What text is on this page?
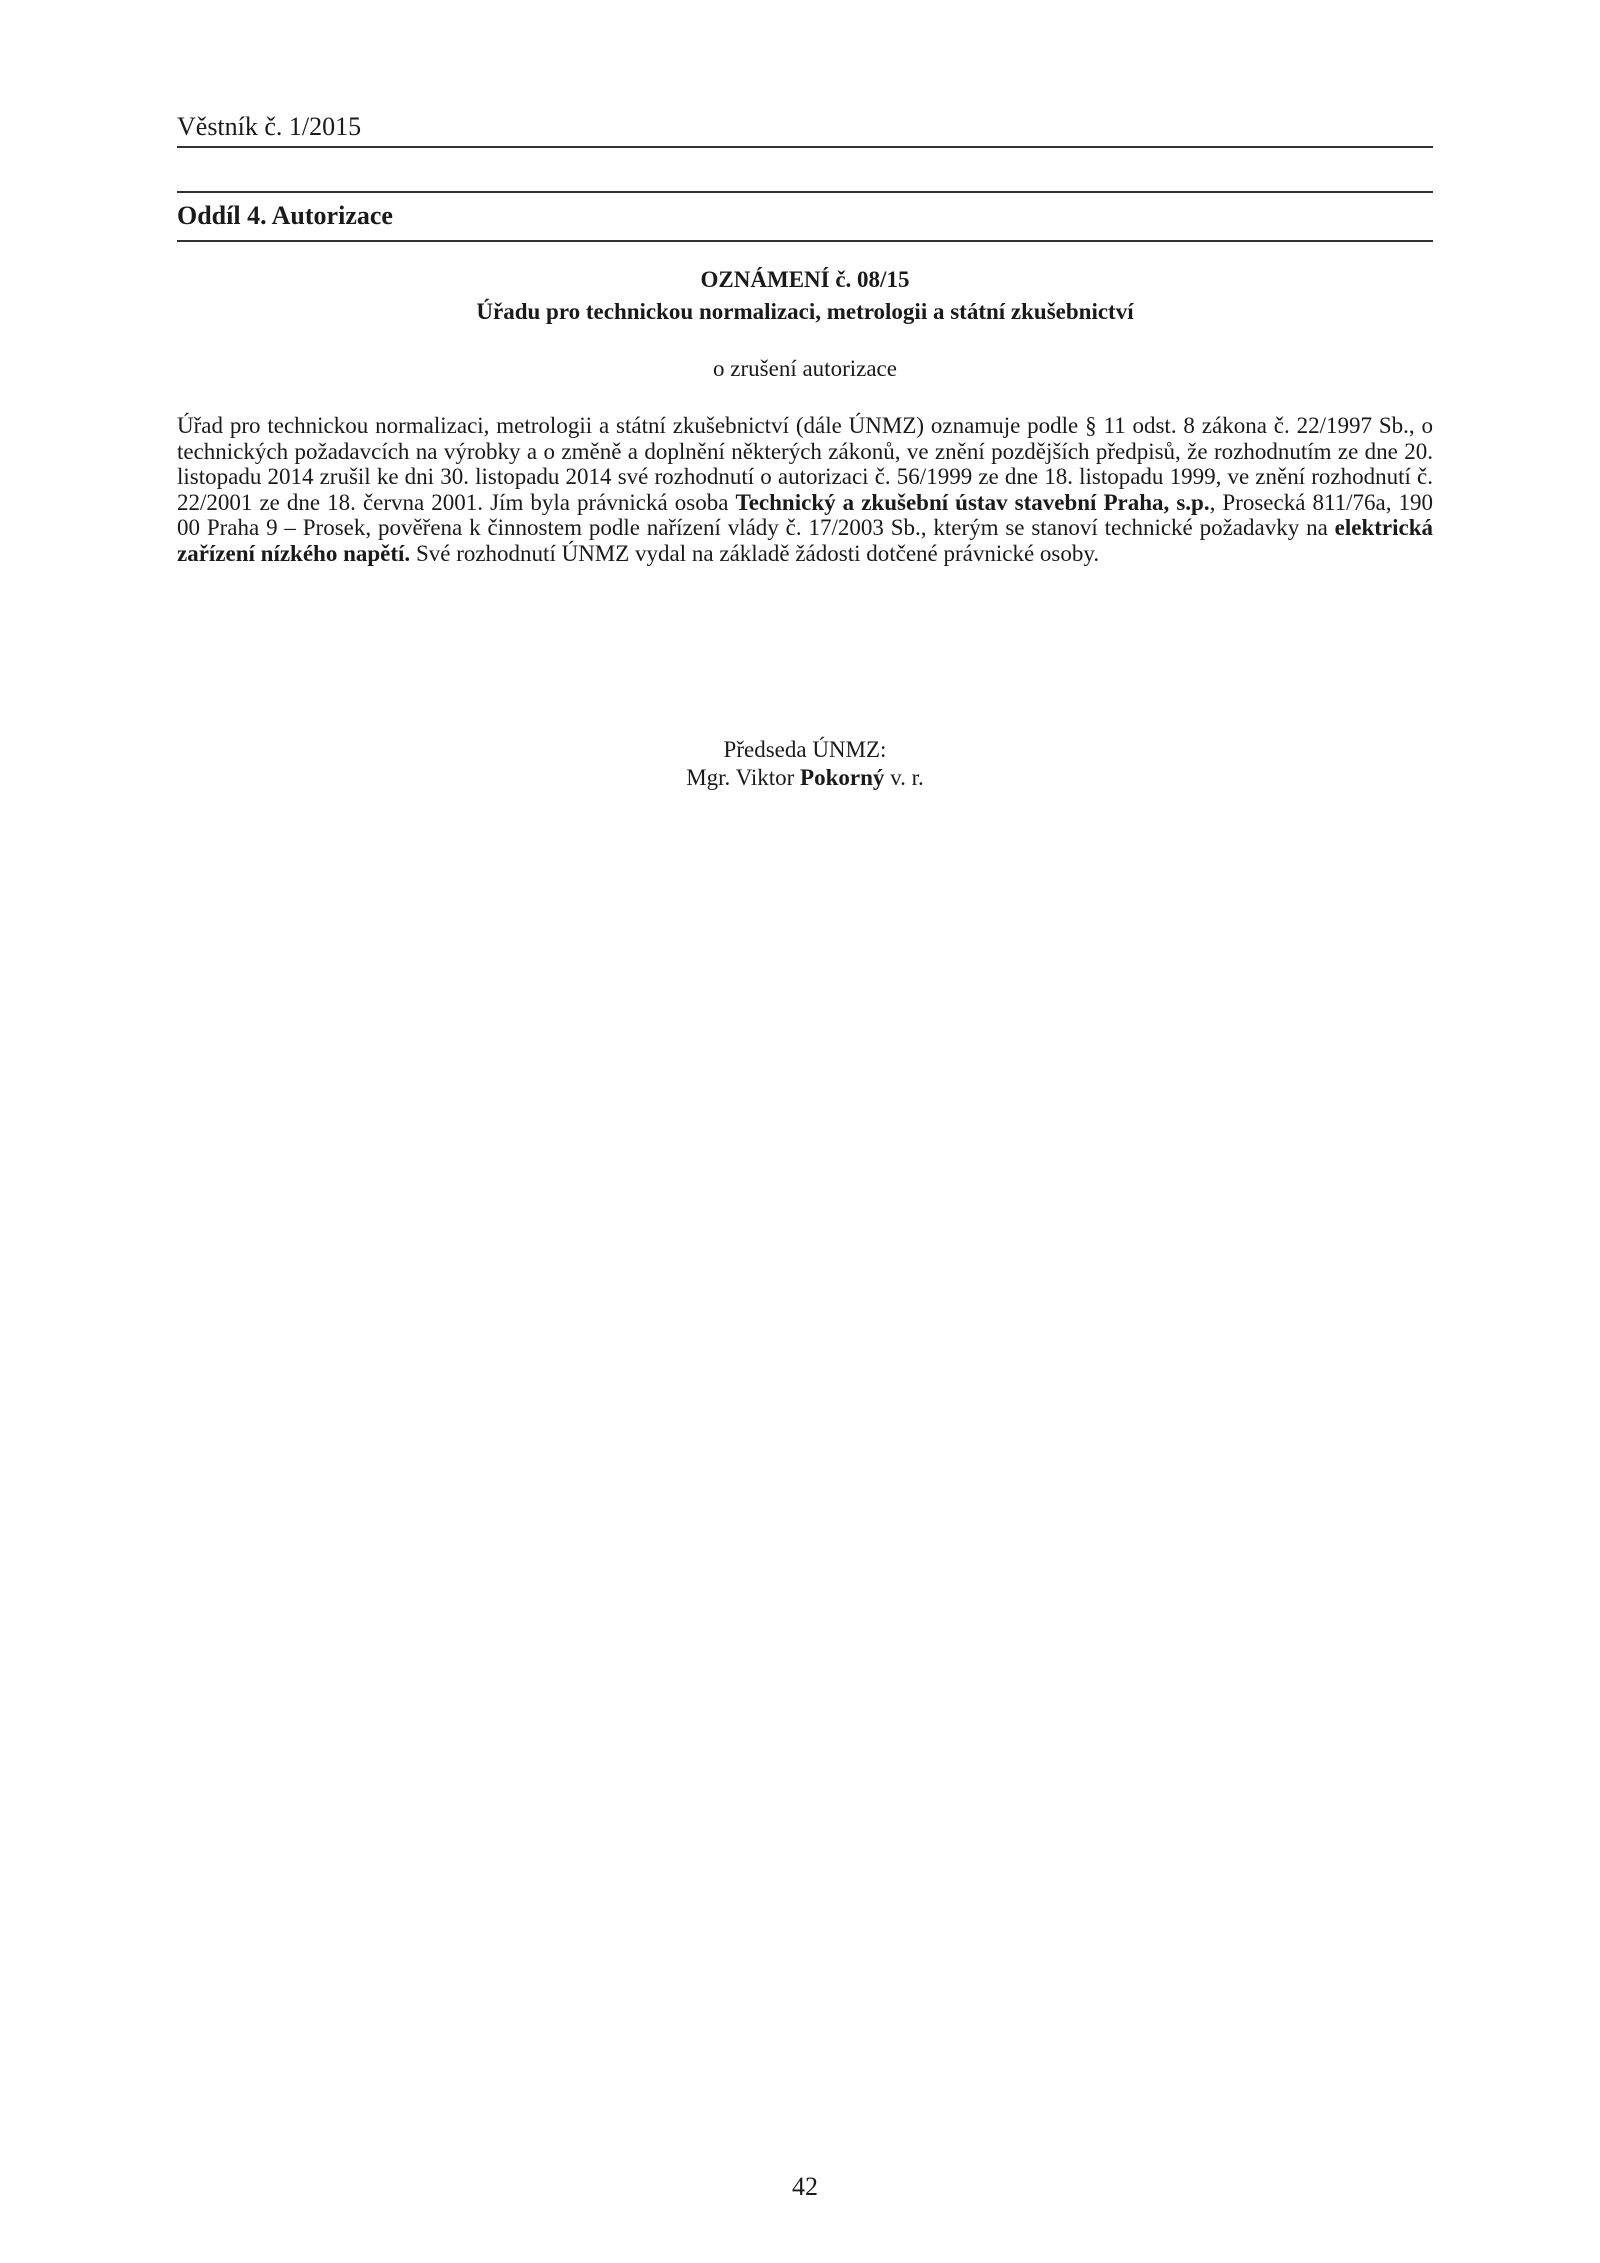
Věstník č. 1/2015
Oddíl 4. Autorizace
OZNÁMENÍ č. 08/15
Úřadu pro technickou normalizaci, metrologii a státní zkušebnictví
o zrušení autorizace

Úřad pro technickou normalizaci, metrologii a státní zkušebnictví (dále ÚNMZ) oznamuje podle § 11 odst. 8 zákona č. 22/1997 Sb., o technických požadavcích na výrobky a o změně a doplnění některých zákonů, ve znění pozdějších předpisů, že rozhodnutím ze dne 20. listopadu 2014 zrušil ke dni 30. listopadu 2014 své rozhodnutí o autorizaci č. 56/1999 ze dne 18. listopadu 1999, ve znění rozhodnutí č. 22/2001 ze dne 18. června 2001. Jím byla právnická osoba Technický a zkušební ústav stavební Praha, s.p., Prosecká 811/76a, 190 00 Praha 9 – Prosek, pověřena k činnostem podle nařízení vlády č. 17/2003 Sb., kterým se stanoví technické požadavky na elektrická zařízení nízkého napětí. Své rozhodnutí ÚNMZ vydal na základě žádosti dotčené právnické osoby.

Předseda ÚNMZ:
Mgr. Viktor Pokorný v. r.
42
